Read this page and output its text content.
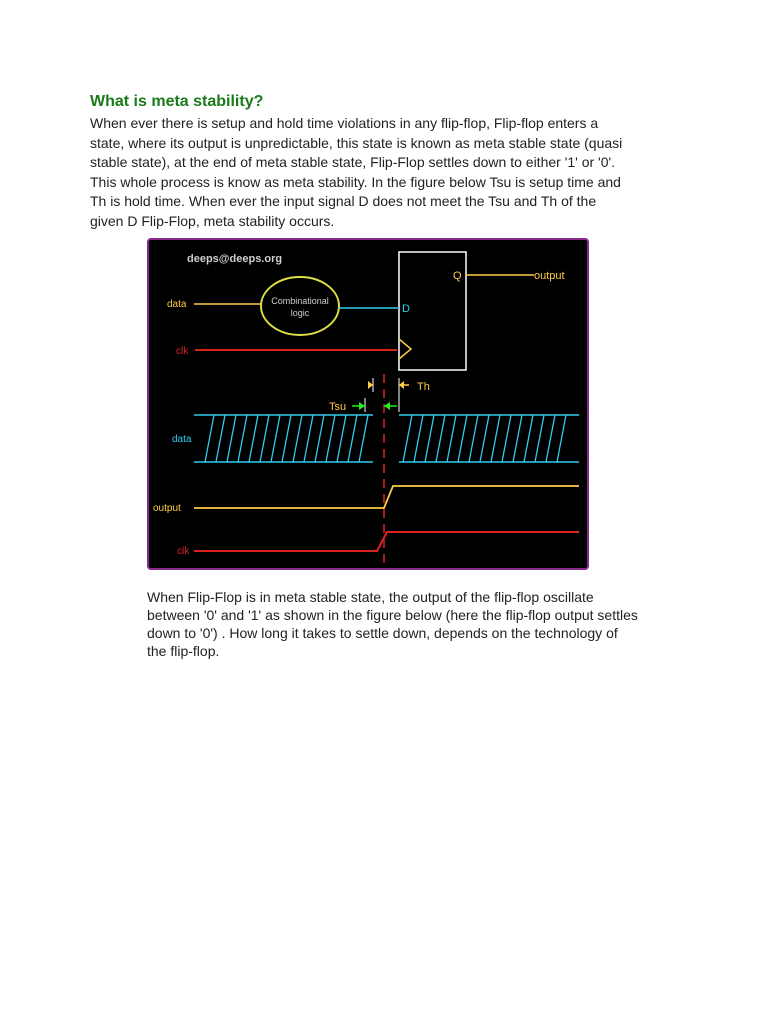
What is meta stability?

When ever there is setup and hold time violations in any flip-flop, Flip-flop enters a
state, where its output is unpredictable, this state is known as meta stable state (quasi
stable state), at the end of meta stable state, Flip-Flop settles down to either '1' or '0'.
This whole process is know as meta stability. In the figure below Tsu is setup time and
Th is hold time. When ever the input signal D does not meet the Tsu and Th of the
given D Flip-Flop, meta stability occurs.

deeps@deeps.org
Combinational
logic
Q
D
data
clk
output
Th
Tsu
data
output
clk

When Flip-Flop is in meta stable state, the output of the flip-flop oscillate
between '0' and '1' as shown in the figure below (here the flip-flop output settles
down to '0') . How long it takes to settle down, depends on the technology of
the flip-flop.
